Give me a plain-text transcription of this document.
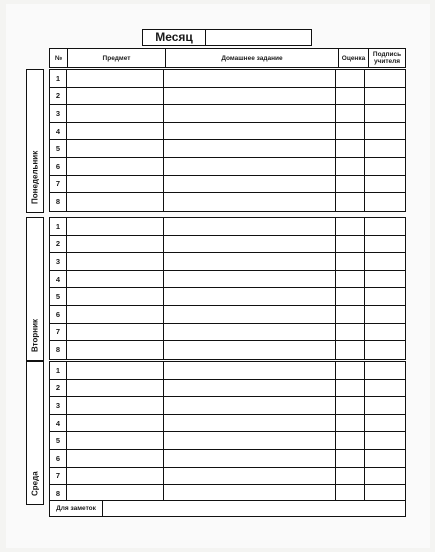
Месяц
№	Предмет	Домашнее задание	Оценка	Подпись учителя
Понедельник
1
2
3
4
5
6
7
8
Вторник
1
2
3
4
5
6
7
8
Среда
1
2
3
4
5
6
7
8
Для заметок
